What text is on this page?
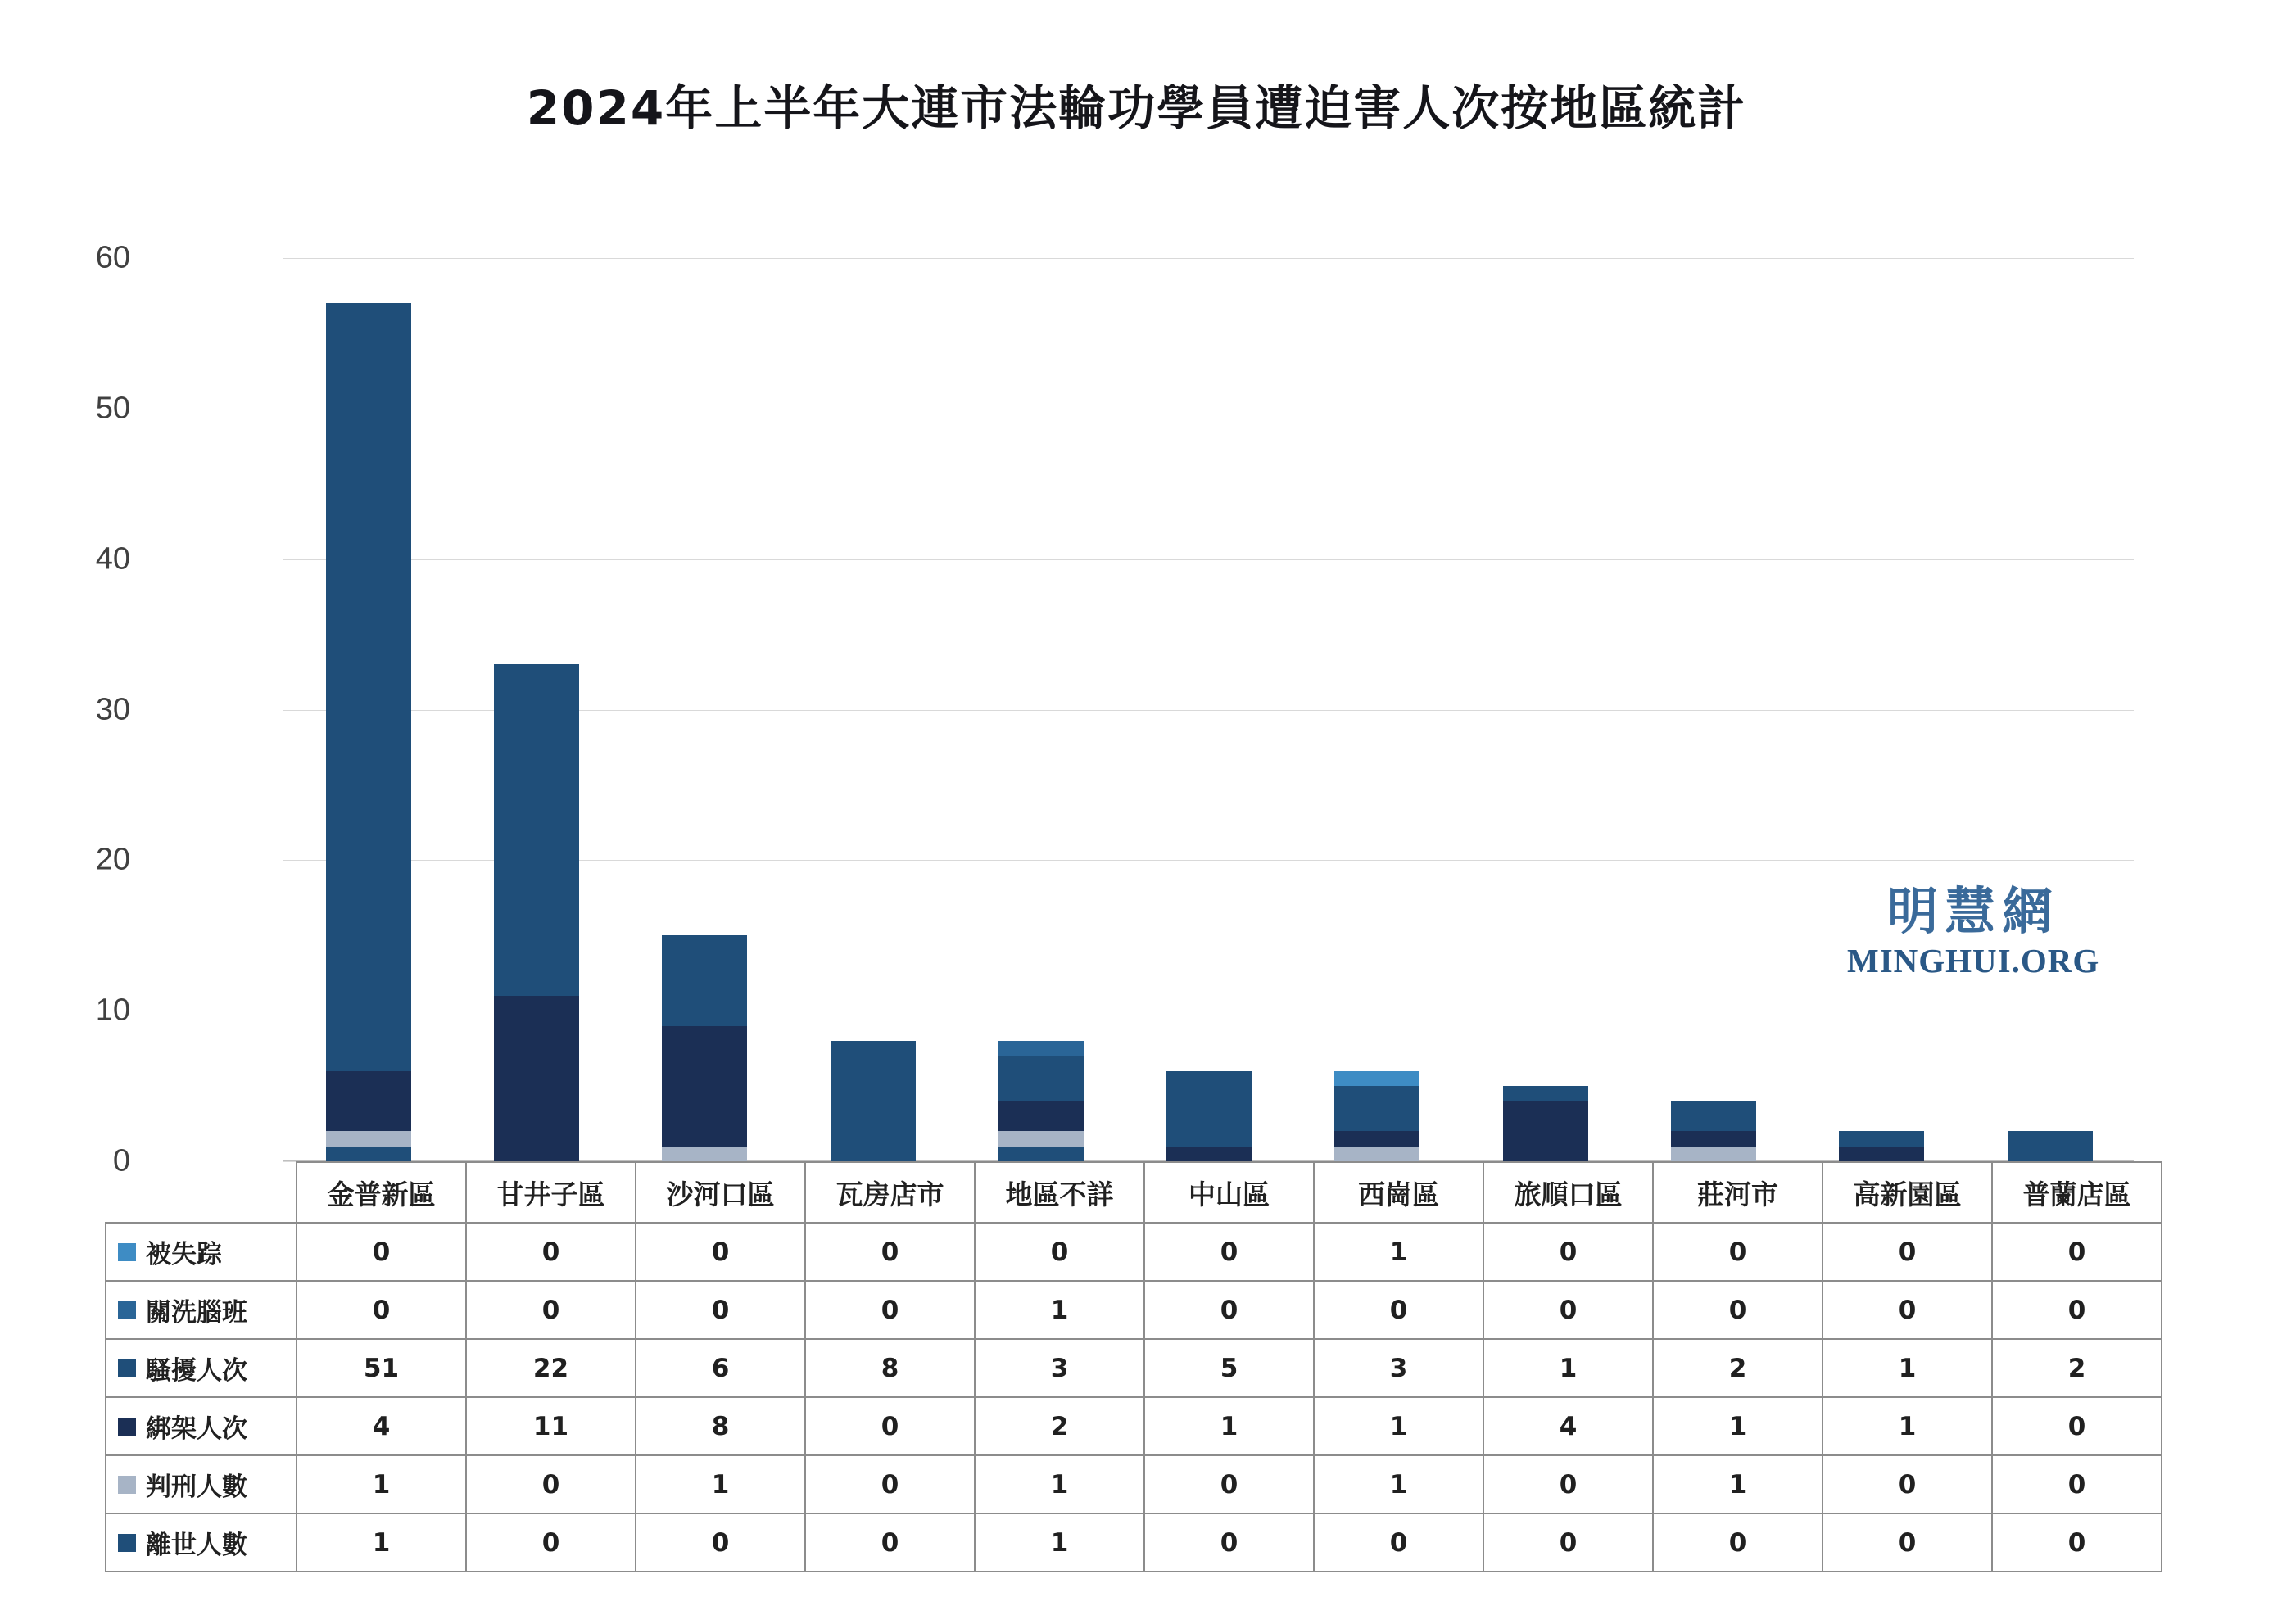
2024年上半年大連市法輪功學員遭迫害人次按地區統計
明慧網
MINGHUI.ORG
	金普新區	甘井子區	沙河口區	瓦房店市	地區不詳	中山區	西崗區	旅順口區	莊河市	高新園區	普蘭店區

被失踪	0	0	0	0	0	0	1	0	0	0	0

關洗腦班	0	0	0	0	1	0	0	0	0	0	0

騷擾人次	51	22	6	8	3	5	3	1	2	1	2

綁架人次	4	11	8	0	2	1	1	4	1	1	0

判刑人數	1	0	1	0	1	0	1	0	1	0	0

離世人數	1	0	0	0	1	0	0	0	0	0	0
0
10
20
30
40
50
60
